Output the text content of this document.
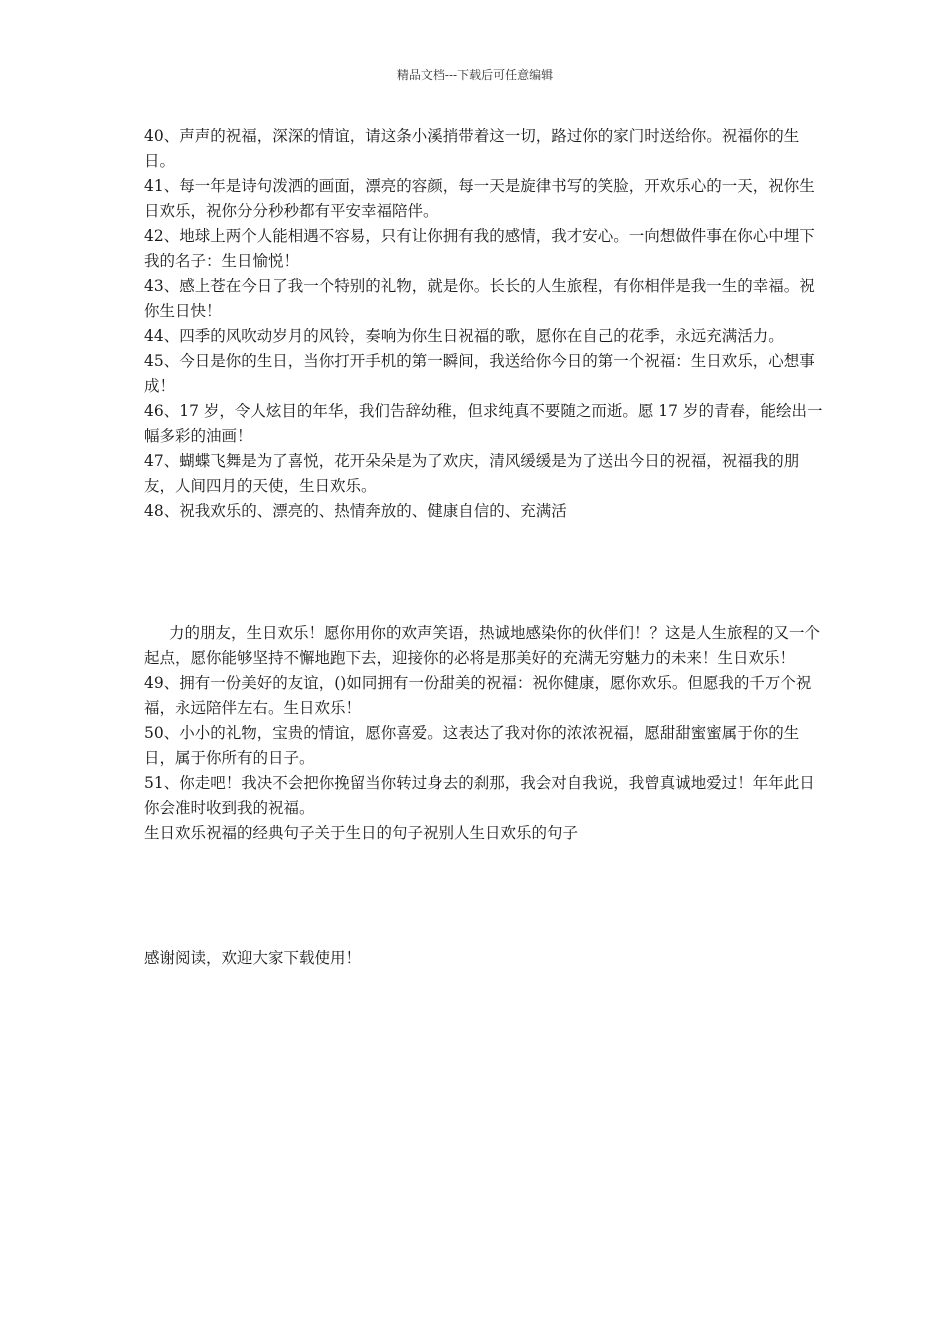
精品文档---下载后可任意编辑

40、声声的祝福，深深的情谊，请这条小溪捎带着这一切，路过你的家门时送给你。祝福你的生日。

41、每一年是诗句泼洒的画面，漂亮的容颜，每一天是旋律书写的笑脸，开欢乐心的一天，祝你生日欢乐，祝你分分秒秒都有平安幸福陪伴。

42、地球上两个人能相遇不容易，只有让你拥有我的感情，我才安心。一向想做件事在你心中埋下我的名子：生日愉悦！

43、感上苍在今日了我一个特别的礼物，就是你。长长的人生旅程，有你相伴是我一生的幸福。祝你生日快！

44、四季的风吹动岁月的风铃，奏响为你生日祝福的歌，愿你在自己的花季，永远充满活力。

45、今日是你的生日，当你打开手机的第一瞬间，我送给你今日的第一个祝福：生日欢乐，心想事成！

46、17 岁，令人炫目的年华，我们告辞幼稚，但求纯真不要随之而逝。愿 17 岁的青春，能绘出一幅多彩的油画！

47、蝴蝶飞舞是为了喜悦，花开朵朵是为了欢庆，清风缓缓是为了送出今日的祝福，祝福我的朋友，人间四月的天使，生日欢乐。

48、祝我欢乐的、漂亮的、热情奔放的、健康自信的、充满活

力的朋友，生日欢乐！愿你用你的欢声笑语，热诚地感染你的伙伴们！？这是人生旅程的又一个起点，愿你能够坚持不懈地跑下去，迎接你的必将是那美好的充满无穷魅力的未来！生日欢乐！

49、拥有一份美好的友谊，()如同拥有一份甜美的祝福：祝你健康，愿你欢乐。但愿我的千万个祝福，永远陪伴左右。生日欢乐！

50、小小的礼物，宝贵的情谊，愿你喜爱。这表达了我对你的浓浓祝福，愿甜甜蜜蜜属于你的生日，属于你所有的日子。

51、你走吧！我决不会把你挽留当你转过身去的刹那，我会对自我说，我曾真诚地爱过！年年此日你会准时收到我的祝福。

生日欢乐祝福的经典句子关于生日的句子祝别人生日欢乐的句子

感谢阅读，欢迎大家下载使用！
